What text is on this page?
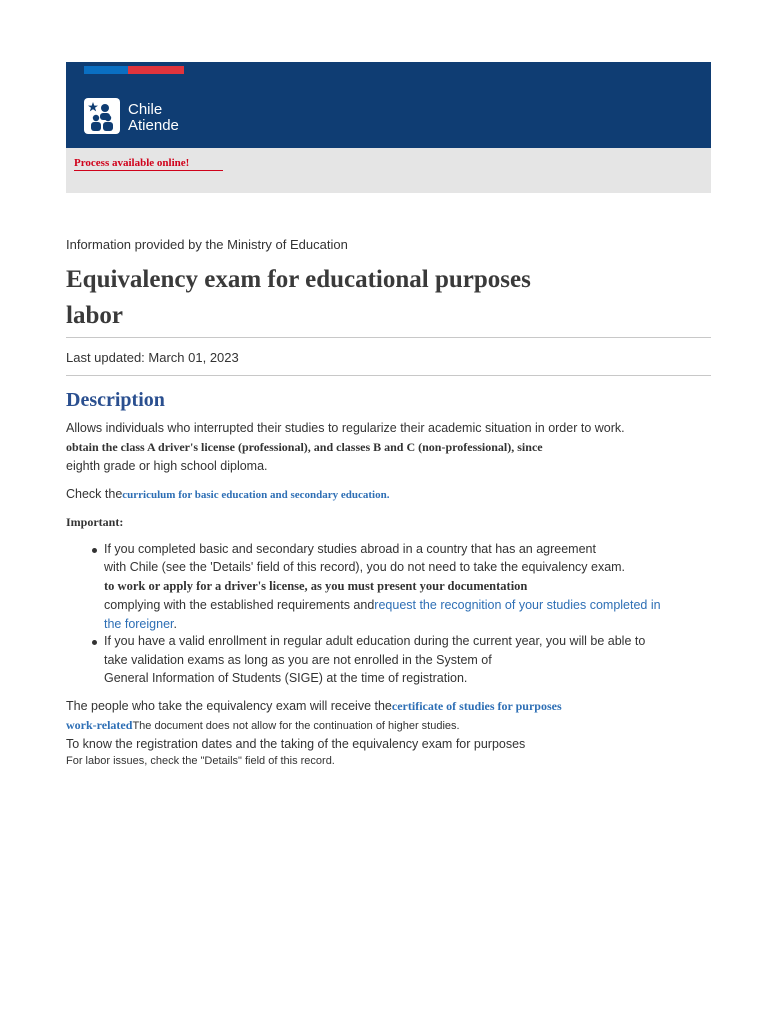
Chile
Atiende
Process available online!
Information provided by the Ministry of Education
Equivalency exam for educational purposes
labor
Last updated: March 01, 2023
Description
Allows individuals who interrupted their studies to regularize their academic situation in order to work.
obtain the class A driver's license (professional), and classes B and C (non-professional), since
eighth grade or high school diploma.
Check thecurriculum for basic education and secondary education.
Important:
If you completed basic and secondary studies abroad in a country that has an agreement
with Chile (see the 'Details' field of this record), you do not need to take the equivalency exam.
to work or apply for a driver's license, as you must present your documentation
complying with the established requirements andrequest the recognition of your studies completed in
the foreigner.
If you have a valid enrollment in regular adult education during the current year, you will be able to
take validation exams as long as you are not enrolled in the System of
General Information of Students (SIGE) at the time of registration.
The people who take the equivalency exam will receive thecertificate of studies for purposes
work-relatedThe document does not allow for the continuation of higher studies.
To know the registration dates and the taking of the equivalency exam for purposes
For labor issues, check the "Details" field of this record.
